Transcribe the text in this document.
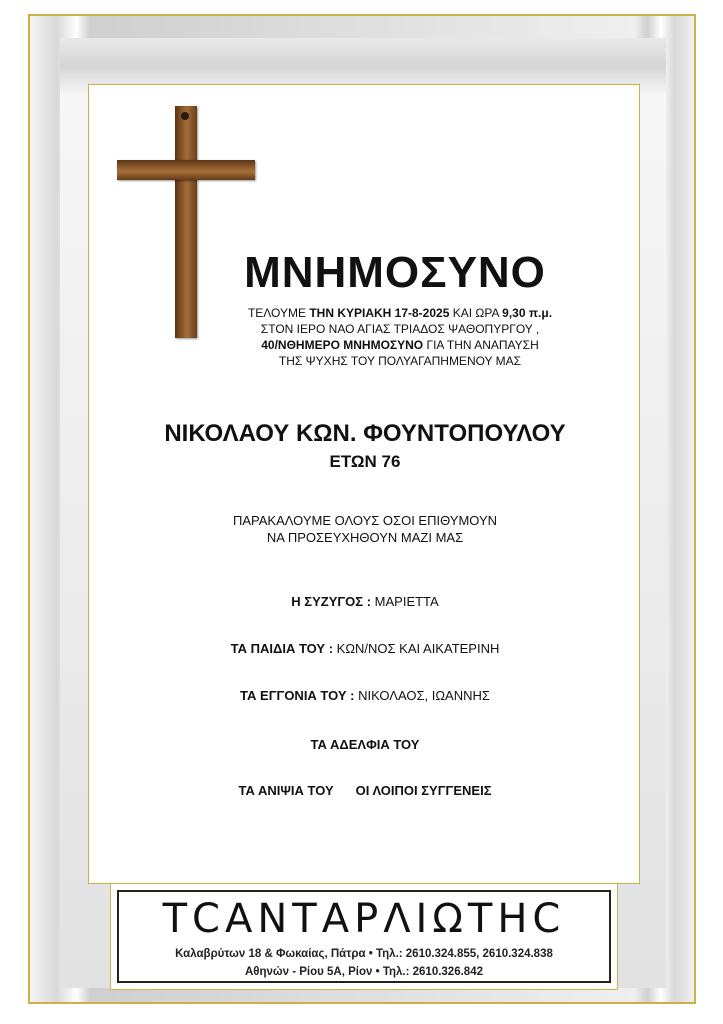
ΜΝΗΜΟΣΥΝΟ
ΤΕΛΟΥΜΕ ΤΗΝ ΚΥΡΙΑΚΗ 17-8-2025 ΚΑΙ ΩΡΑ 9,30 π.μ.
ΣΤΟΝ ΙΕΡΟ ΝΑΟ ΑΓΙΑΣ ΤΡΙΑΔΟΣ ΨΑΘΟΠΥΡΓΟΥ ,
40/ΝΘΗΜΕΡΟ ΜΝΗΜΟΣΥΝΟ ΓΙΑ ΤΗΝ ΑΝΑΠΑΥΣΗ
ΤΗΣ ΨΥΧΗΣ ΤΟΥ ΠΟΛΥΑΓΑΠΗΜΕΝΟΥ ΜΑΣ
ΝΙΚΟΛΑΟΥ ΚΩΝ. ΦΟΥΝΤΟΠΟΥΛΟΥ
ΕΤΩΝ 76
ΠΑΡΑΚΑΛΟΥΜΕ ΟΛΟΥΣ ΟΣΟΙ ΕΠΙΘΥΜΟΥΝ
ΝΑ ΠΡΟΣΕΥΧΗΘΟΥΝ ΜΑΖΙ ΜΑΣ
Η ΣΥΖΥΓΟΣ : ΜΑΡΙΕΤΤΑ
ΤΑ ΠΑΙΔΙΑ ΤΟΥ : ΚΩΝ/ΝΟΣ ΚΑΙ ΑΙΚΑΤΕΡΙΝΗ
ΤΑ ΕΓΓΟΝΙΑ ΤΟΥ : ΝΙΚΟΛΑΟΣ, ΙΩΑΝΝΗΣ
ΤΑ ΑΔΕΛΦΙΑ ΤΟΥ
ΤΑ ΑΝΙΨΙΑ ΤΟΥ ΟΙ ΛΟΙΠΟΙ ΣΥΓΓΕΝΕΙΣ
ΤCΑΝΤΑΡΛΙΩΤΗC
Καλαβρύτων 18 & Φωκαίας, Πάτρα • Τηλ.: 2610.324.855, 2610.324.838
Αθηνών - Ρίου 5Α, Ρίον • Τηλ.: 2610.326.842
